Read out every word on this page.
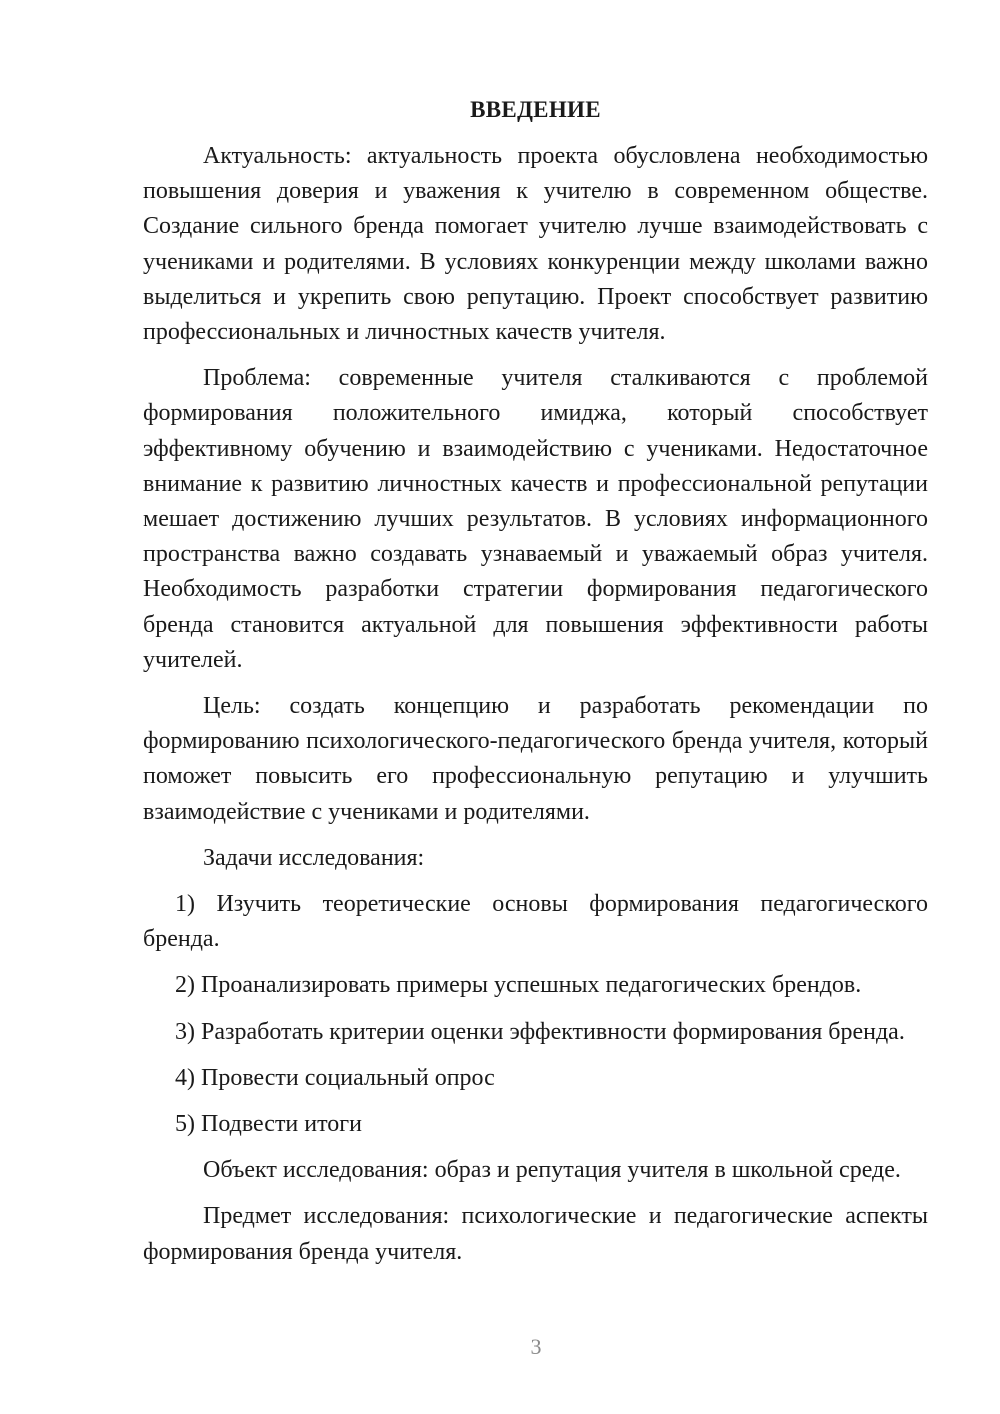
ВВЕДЕНИЕ

Актуальность: актуальность проекта обусловлена необходимостью повышения доверия и уважения к учителю в современном обществе. Создание сильного бренда помогает учителю лучше взаимодействовать с учениками и родителями. В условиях конкуренции между школами важно выделиться и укрепить свою репутацию. Проект способствует развитию профессиональных и личностных качеств учителя.

Проблема: современные учителя сталкиваются с проблемой формирования положительного имиджа, который способствует эффективному обучению и взаимодействию с учениками. Недостаточное внимание к развитию личностных качеств и профессиональной репутации мешает достижению лучших результатов. В условиях информационного пространства важно создавать узнаваемый и уважаемый образ учителя. Необходимость разработки стратегии формирования педагогического бренда становится актуальной для повышения эффективности работы учителей.

Цель: создать концепцию и разработать рекомендации по формированию психологического-педагогического бренда учителя, который поможет повысить его профессиональную репутацию и улучшить взаимодействие с учениками и родителями.

Задачи исследования:

1) Изучить теоретические основы формирования педагогического бренда.

2) Проанализировать примеры успешных педагогических брендов.

3) Разработать критерии оценки эффективности формирования бренда.

4) Провести социальный опрос

5) Подвести итоги

Объект исследования: образ и репутация учителя в школьной среде.

Предмет исследования: психологические и педагогические аспекты формирования бренда учителя.

3
